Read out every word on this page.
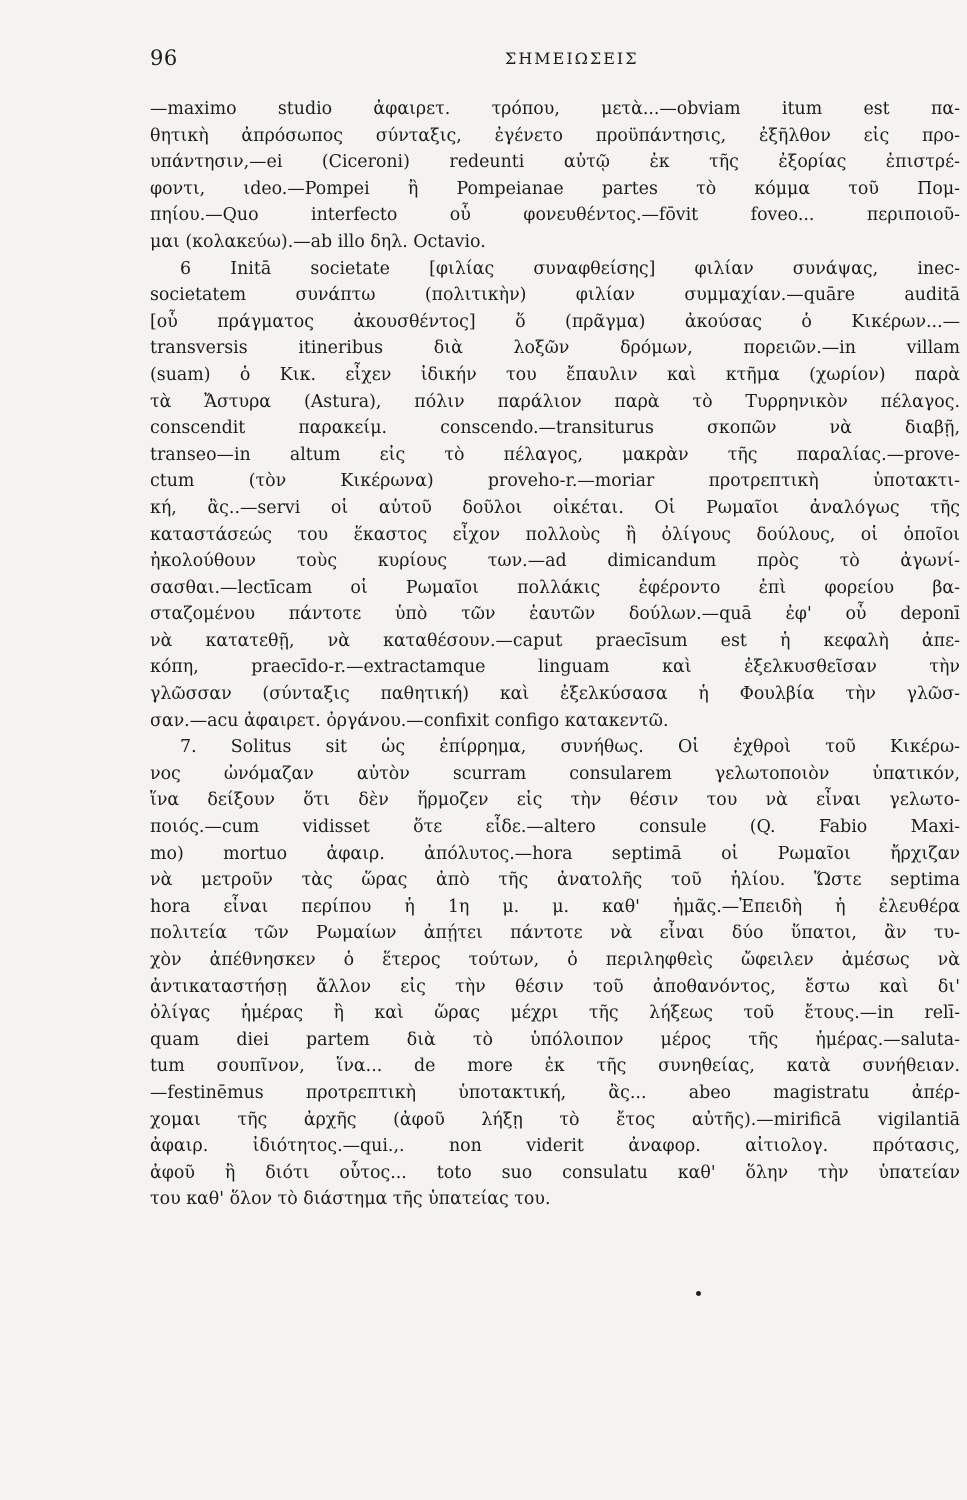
96	ΣΗΜΕΙΩΣΕΙΣ
—maximo studio ἀφαιρετ. τρόπου, μετὰ...—obviam itum est πα-
θητικὴ ἀπρόσωπος σύνταξις, ἐγένετο προϋπάντησις, ἐξῆλθον εἰς προ-
υπάντησιν,—ei (Ciceroni) redeunti αὐτῷ ἐκ τῆς ἐξορίας ἐπιστρέ-
φοντι, ιdeo.—Pompei ἢ Pompeianae partes τὸ κόμμα τοῦ Πομ-
πηίου.—Quo interfecto οὗ φονευθέντος.—fōvit foveo... περιποιοῦ-
μαι (κολακεύω).—ab illo δηλ. Octavio.
6 Initā societate [φιλίας συναφθείσης] φιλίαν συνάψας, inec-
societatem συνάπτω (πολιτικὴν) φιλίαν συμμαχίαν.—quāre auditā
[οὗ πράγματος ἀκουσθέντος] ὅ (πρᾶγμα) ἀκούσας ὁ Κικέρων...—
transversis itineribus διὰ λοξῶν δρόμων, πορειῶν.—in villam
(suam) ὁ Κικ. εἶχεν ἰδικήν του ἔπαυλιν καὶ κτῆμα (χωρίον) παρὰ
τὰ Ἄστυρα (Astura), πόλιν παράλιον παρὰ τὸ Τυρρηνικὸν πέλαγος.
conscendit παρακείμ. conscendo.—transiturus σκοπῶν νὰ διαβῇ,
transeo—in altum εἰς τὸ πέλαγος, μακρὰν τῆς παραλίας.—prove-
ctum (τὸν Κικέρωνα) proveho-r.—moriar προτρεπτικὴ ὑποτακτι-
κή, ἂς..—servi οἱ αὑτοῦ δοῦλοι οἰκέται. Οἱ Ρωμαῖοι ἀναλόγως τῆς
καταστάσεώς του ἕκαστος εἶχον πολλοὺς ἢ ὀλίγους δούλους, οἱ ὁποῖοι
ἠκολούθουν τοὺς κυρίους των.—ad dimicandum πρὸς τὸ ἀγωνί-
σασθαι.—lectīcam οἱ Ρωμαῖοι πολλάκις ἐφέροντο ἐπὶ φορείου βα-
σταζομένου πάντοτε ὑπὸ τῶν ἑαυτῶν δούλων.—quā ἐφ' οὗ deponī
νὰ κατατεθῇ, νὰ καταθέσουν.—caput praecīsum est ἡ κεφαλὴ ἀπε-
κόπη, praecīdo-r.—extractamque linguam καὶ ἐξελκυσθεῖσαν τὴν
γλῶσσαν (σύνταξις παθητική) καὶ ἐξελκύσασα ἡ Φουλβία τὴν γλῶσ-
σαν.—acu ἀφαιρετ. ὀργάνου.—confixit configo κατακεντῶ.
7. Solitus sit ὡς ἐπίρρημα, συνήθως. Οἱ ἐχθροὶ τοῦ Κικέρω-
νος ὠνόμαζαν αὐτὸν scurram consularem γελωτοποιὸν ὑπατικόν,
ἵνα δείξουν ὅτι δὲν ἥρμοζεν εἰς τὴν θέσιν του νὰ εἶναι γελωτο-
ποιός.—cum vidisset ὅτε εἶδε.—altero consule (Q. Fabio Maxi-
mo) mortuo ἀφαιρ. ἀπόλυτος.—hora septimā οἱ Ρωμαῖοι ἤρχιζαν
νὰ μετροῦν τὰς ὥρας ἀπὸ τῆς ἀνατολῆς τοῦ ἡλίου. Ὥστε septima
hora εἶναι περίπου ἡ 1η μ. μ. καθ' ἡμᾶς.—Ἐπειδὴ ἡ ἐλευθέρα
πολιτεία τῶν Ρωμαίων ἀπῄτει πάντοτε νὰ εἶναι δύο ὕπατοι, ἂν τυ-
χὸν ἀπέθνησκεν ὁ ἕτερος τούτων, ὁ περιληφθεὶς ὤφειλεν ἀμέσως νὰ
ἀντικαταστήσῃ ἄλλον εἰς τὴν θέσιν τοῦ ἀποθανόντος, ἔστω καὶ δι'
ὀλίγας ἡμέρας ἢ καὶ ὥρας μέχρι τῆς λήξεως τοῦ ἔτους.—in relī-
quam diei partem διὰ τὸ ὑπόλοιπον μέρος τῆς ἡμέρας.—saluta-
tum σουπῖνον, ἵνα... de more ἐκ τῆς συνηθείας, κατὰ συνήθειαν.
—festinēmus προτρεπτικὴ ὑποτακτική, ἂς... abeo magistratu ἀπέρ-
χομαι τῆς ἀρχῆς (ἀφοῦ λήξῃ τὸ ἔτος αὐτῆς).—mirificā vigilantiā
ἀφαιρ. ἰδιότητος.—qui.,. non viderit ἀναφορ. αἰτιολογ. πρότασις,
ἀφοῦ ἢ διότι οὗτος... toto suo consulatu καθ' ὅλην τὴν ὑπατείαν
του καθ' ὅλον τὸ διάστημα τῆς ὑπατείας του.
